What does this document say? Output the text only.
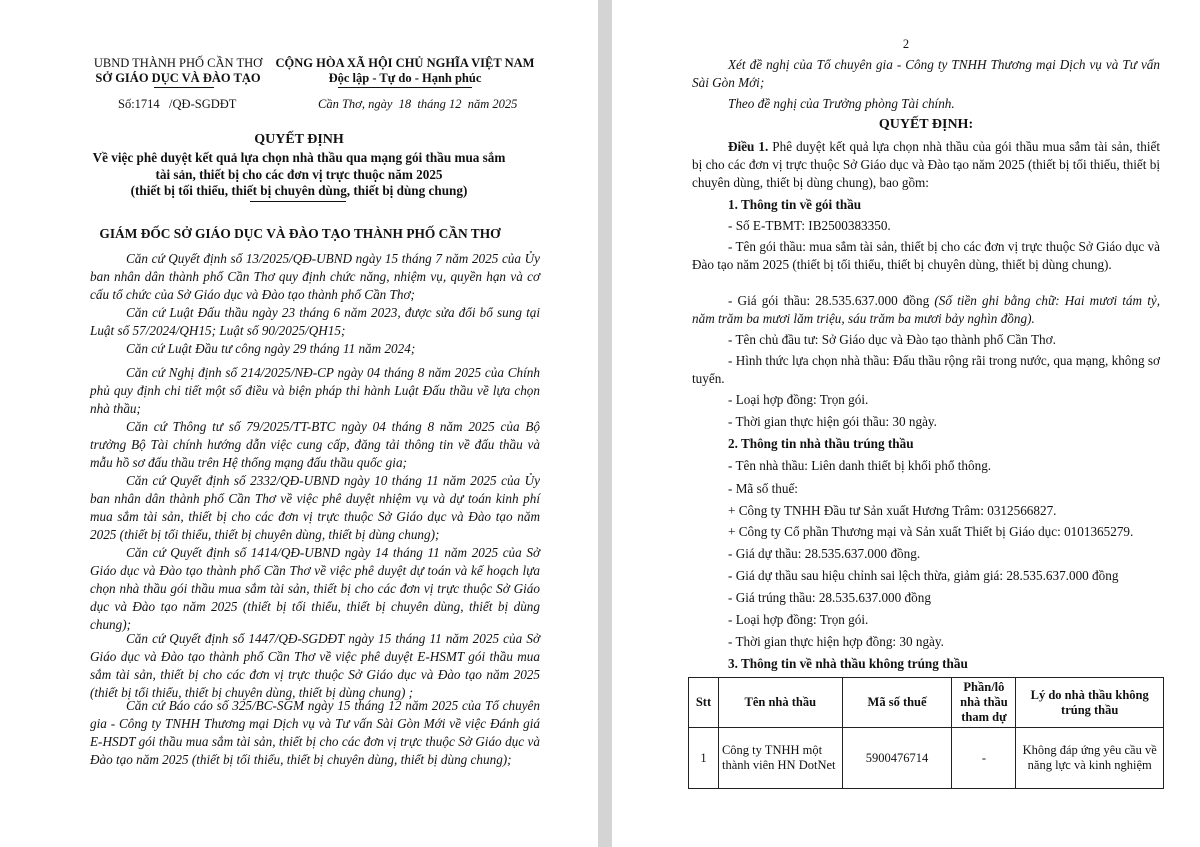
UBND THÀNH PHỐ CẦN THƠ
SỞ GIÁO DỤC VÀ ĐÀO TẠO
CỘNG HÒA XÃ HỘI CHỦ NGHĨA VIỆT NAM
Độc lập - Tự do - Hạnh phúc
Số:1714   /QĐ-SGDĐT	Cần Thơ, ngày  18  tháng 12  năm 2025
QUYẾT ĐỊNH
Về việc phê duyệt kết quả lựa chọn nhà thầu qua mạng gói thầu mua sắm
tài sản, thiết bị cho các đơn vị trực thuộc năm 2025
(thiết bị tối thiểu, thiết bị chuyên dùng, thiết bị dùng chung)
GIÁM ĐỐC SỞ GIÁO DỤC VÀ ĐÀO TẠO THÀNH PHỐ CẦN THƠ
Căn cứ Quyết định số 13/2025/QĐ-UBND ngày 15 tháng 7 năm 2025 của Ủy ban nhân dân thành phố Cần Thơ quy định chức năng, nhiệm vụ, quyền hạn và cơ cấu tổ chức của Sở Giáo dục và Đào tạo thành phố Cần Thơ;
Căn cứ Luật Đấu thầu ngày 23 tháng 6 năm 2023, được sửa đổi bổ sung tại Luật số 57/2024/QH15; Luật số 90/2025/QH15;
Căn cứ Luật Đầu tư công ngày 29 tháng 11 năm 2024;
Căn cứ Nghị định số 214/2025/NĐ-CP ngày 04 tháng 8 năm 2025 của Chính phủ quy định chi tiết một số điều và biện pháp thi hành Luật Đấu thầu về lựa chọn nhà thầu;
Căn cứ Thông tư số 79/2025/TT-BTC ngày 04 tháng 8 năm 2025 của Bộ trưởng Bộ Tài chính hướng dẫn việc cung cấp, đăng tải thông tin về đấu thầu và mẫu hồ sơ đấu thầu trên Hệ thống mạng đấu thầu quốc gia;
Căn cứ Quyết định số 2332/QĐ-UBND ngày 10 tháng 11 năm 2025 của Ủy ban nhân dân thành phố Cần Thơ về việc phê duyệt nhiệm vụ và dự toán kinh phí mua sắm tài sản, thiết bị cho các đơn vị trực thuộc Sở Giáo dục và Đào tạo năm 2025 (thiết bị tối thiểu, thiết bị chuyên dùng, thiết bị dùng chung);
Căn cứ Quyết định số 1414/QĐ-UBND ngày 14 tháng 11 năm 2025 của Sở Giáo dục và Đào tạo thành phố Cần Thơ về việc phê duyệt dự toán và kế hoạch lựa chọn nhà thầu gói thầu mua sắm tài sản, thiết bị cho các đơn vị trực thuộc Sở Giáo dục và Đào tạo năm 2025 (thiết bị tối thiểu, thiết bị chuyên dùng, thiết bị dùng chung);
Căn cứ Quyết định số 1447/QĐ-SGDĐT ngày 15 tháng 11 năm 2025 của Sở Giáo dục và Đào tạo thành phố Cần Thơ về việc phê duyệt E-HSMT gói thầu mua sắm tài sản, thiết bị cho các đơn vị trực thuộc Sở Giáo dục và Đào tạo năm 2025 (thiết bị tối thiểu, thiết bị chuyên dùng, thiết bị dùng chung) ;
Căn cứ Báo cáo số 325/BC-SGM ngày 15 tháng 12 năm 2025 của Tổ chuyên gia - Công ty TNHH Thương mại Dịch vụ và Tư vấn Sài Gòn Mới về việc Đánh giá E-HSDT gói thầu mua sắm tài sản, thiết bị cho các đơn vị trực thuộc Sở Giáo dục và Đào tạo năm 2025 (thiết bị tối thiểu, thiết bị chuyên dùng, thiết bị dùng chung);
2
Xét đề nghị của Tổ chuyên gia - Công ty TNHH Thương mại Dịch vụ và Tư vấn Sài Gòn Mới;
Theo đề nghị của Trưởng phòng Tài chính.
QUYẾT ĐỊNH:
Điều 1. Phê duyệt kết quả lựa chọn nhà thầu của gói thầu mua sắm tài sản, thiết bị cho các đơn vị trực thuộc Sở Giáo dục và Đào tạo năm 2025 (thiết bị tối thiểu, thiết bị chuyên dùng, thiết bị dùng chung), bao gồm:
1. Thông tin về gói thầu
- Số E-TBMT: IB2500383350.
- Tên gói thầu: mua sắm tài sản, thiết bị cho các đơn vị trực thuộc Sở Giáo dục và Đào tạo năm 2025 (thiết bị tối thiểu, thiết bị chuyên dùng, thiết bị dùng chung).
- Giá gói thầu: 28.535.637.000 đồng (Số tiền ghi bằng chữ: Hai mươi tám tỷ, năm trăm ba mươi lăm triệu, sáu trăm ba mươi bảy nghìn đồng).
- Tên chủ đầu tư: Sở Giáo dục và Đào tạo thành phố Cần Thơ.
- Hình thức lựa chọn nhà thầu: Đấu thầu rộng rãi trong nước, qua mạng, không sơ tuyển.
- Loại hợp đồng: Trọn gói.
- Thời gian thực hiện gói thầu: 30 ngày.
2. Thông tin nhà thầu trúng thầu
- Tên nhà thầu: Liên danh thiết bị khối phổ thông.
- Mã số thuế:
+ Công ty TNHH Đầu tư Sản xuất Hương Trâm: 0312566827.
+ Công ty Cổ phần Thương mại và Sản xuất Thiết bị Giáo dục: 0101365279.
- Giá dự thầu: 28.535.637.000 đồng.
- Giá dự thầu sau hiệu chỉnh sai lệch thừa, giảm giá: 28.535.637.000 đồng
- Giá trúng thầu: 28.535.637.000 đồng
- Loại hợp đồng: Trọn gói.
- Thời gian thực hiện hợp đồng: 30 ngày.
3. Thông tin về nhà thầu không trúng thầu
Stt	Tên nhà thầu	Mã số thuế	Phần/lô nhà thầu tham dự	Lý do nhà thầu không trúng thầu
1	Công ty TNHH một thành viên HN DotNet	5900476714	-	Không đáp ứng yêu cầu về năng lực và kinh nghiệm
